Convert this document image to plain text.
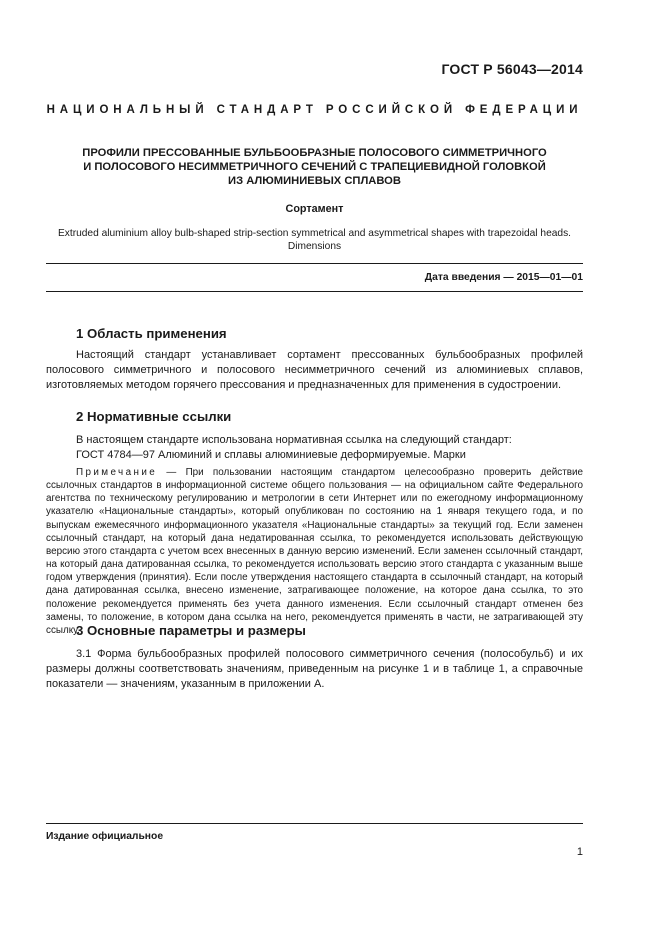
ГОСТ Р 56043—2014
НАЦИОНАЛЬНЫЙ СТАНДАРТ РОССИЙСКОЙ ФЕДЕРАЦИИ
ПРОФИЛИ ПРЕССОВАННЫЕ БУЛЬБООБРАЗНЫЕ ПОЛОСОВОГО СИММЕТРИЧНОГО
И ПОЛОСОВОГО НЕСИММЕТРИЧНОГО СЕЧЕНИЙ С ТРАПЕЦИЕВИДНОЙ ГОЛОВКОЙ
ИЗ АЛЮМИНИЕВЫХ СПЛАВОВ
Сортамент
Extruded aluminium alloy bulb-shaped strip-section symmetrical and asymmetrical shapes with trapezoidal heads.
Dimensions
Дата введения — 2015—01—01
1 Область применения
Настоящий стандарт устанавливает сортамент прессованных бульбообразных профилей полосового симметричного и полосового несимметричного сечений из алюминиевых сплавов, изготовляемых методом горячего прессования и предназначенных для применения в судостроении.
2 Нормативные ссылки
В настоящем стандарте использована нормативная ссылка на следующий стандарт:
ГОСТ 4784—97 Алюминий и сплавы алюминиевые деформируемые. Марки
Примечание — При пользовании настоящим стандартом целесообразно проверить действие ссылочных стандартов в информационной системе общего пользования — на официальном сайте Федерального агентства по техническому регулированию и метрологии в сети Интернет или по ежегодному информационному указателю «Национальные стандарты», который опубликован по состоянию на 1 января текущего года, и по выпускам ежемесячного информационного указателя «Национальные стандарты» за текущий год. Если заменен ссылочный стандарт, на который дана недатированная ссылка, то рекомендуется использовать действующую версию этого стандарта с учетом всех внесенных в данную версию изменений. Если заменен ссылочный стандарт, на который дана датированная ссылка, то рекомендуется использовать версию этого стандарта с указанным выше годом утверждения (принятия). Если после утверждения настоящего стандарта в ссылочный стандарт, на который дана датированная ссылка, внесено изменение, затрагивающее положение, на которое дана ссылка, то это положение рекомендуется применять без учета данного изменения. Если ссылочный стандарт отменен без замены, то положение, в котором дана ссылка на него, рекомендуется применять в части, не затрагивающей эту ссылку.
3 Основные параметры и размеры
3.1 Форма бульбообразных профилей полосового симметричного сечения (полособульб) и их размеры должны соответствовать значениям, приведенным на рисунке 1 и в таблице 1, а справочные показатели — значениям, указанным в приложении А.
Издание официальное
1
